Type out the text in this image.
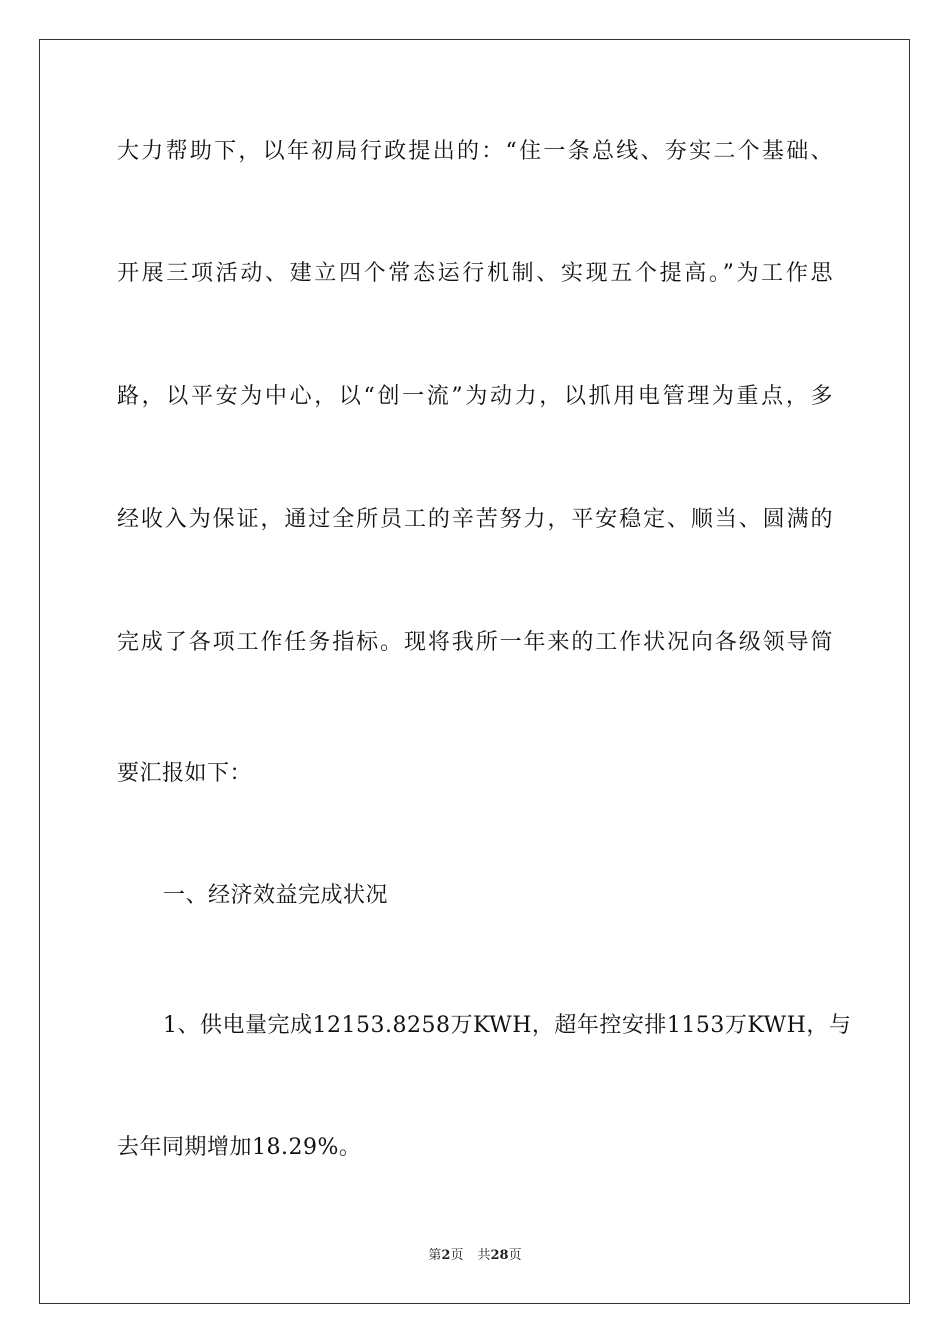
大力帮助下，以年初局行政提出的：“住一条总线、夯实二个基础、
开展三项活动、建立四个常态运行机制、实现五个提高。”为工作思
路，以平安为中心，以“创一流”为动力，以抓用电管理为重点，多
经收入为保证，通过全所员工的辛苦努力，平安稳定、顺当、圆满的
完成了各项工作任务指标。现将我所一年来的工作状况向各级领导简
要汇报如下：
一、经济效益完成状况
1、供电量完成12153.8258万KWH，超年控安排1153万KWH，与
去年同期增加18.29%。
第2页 共28页
